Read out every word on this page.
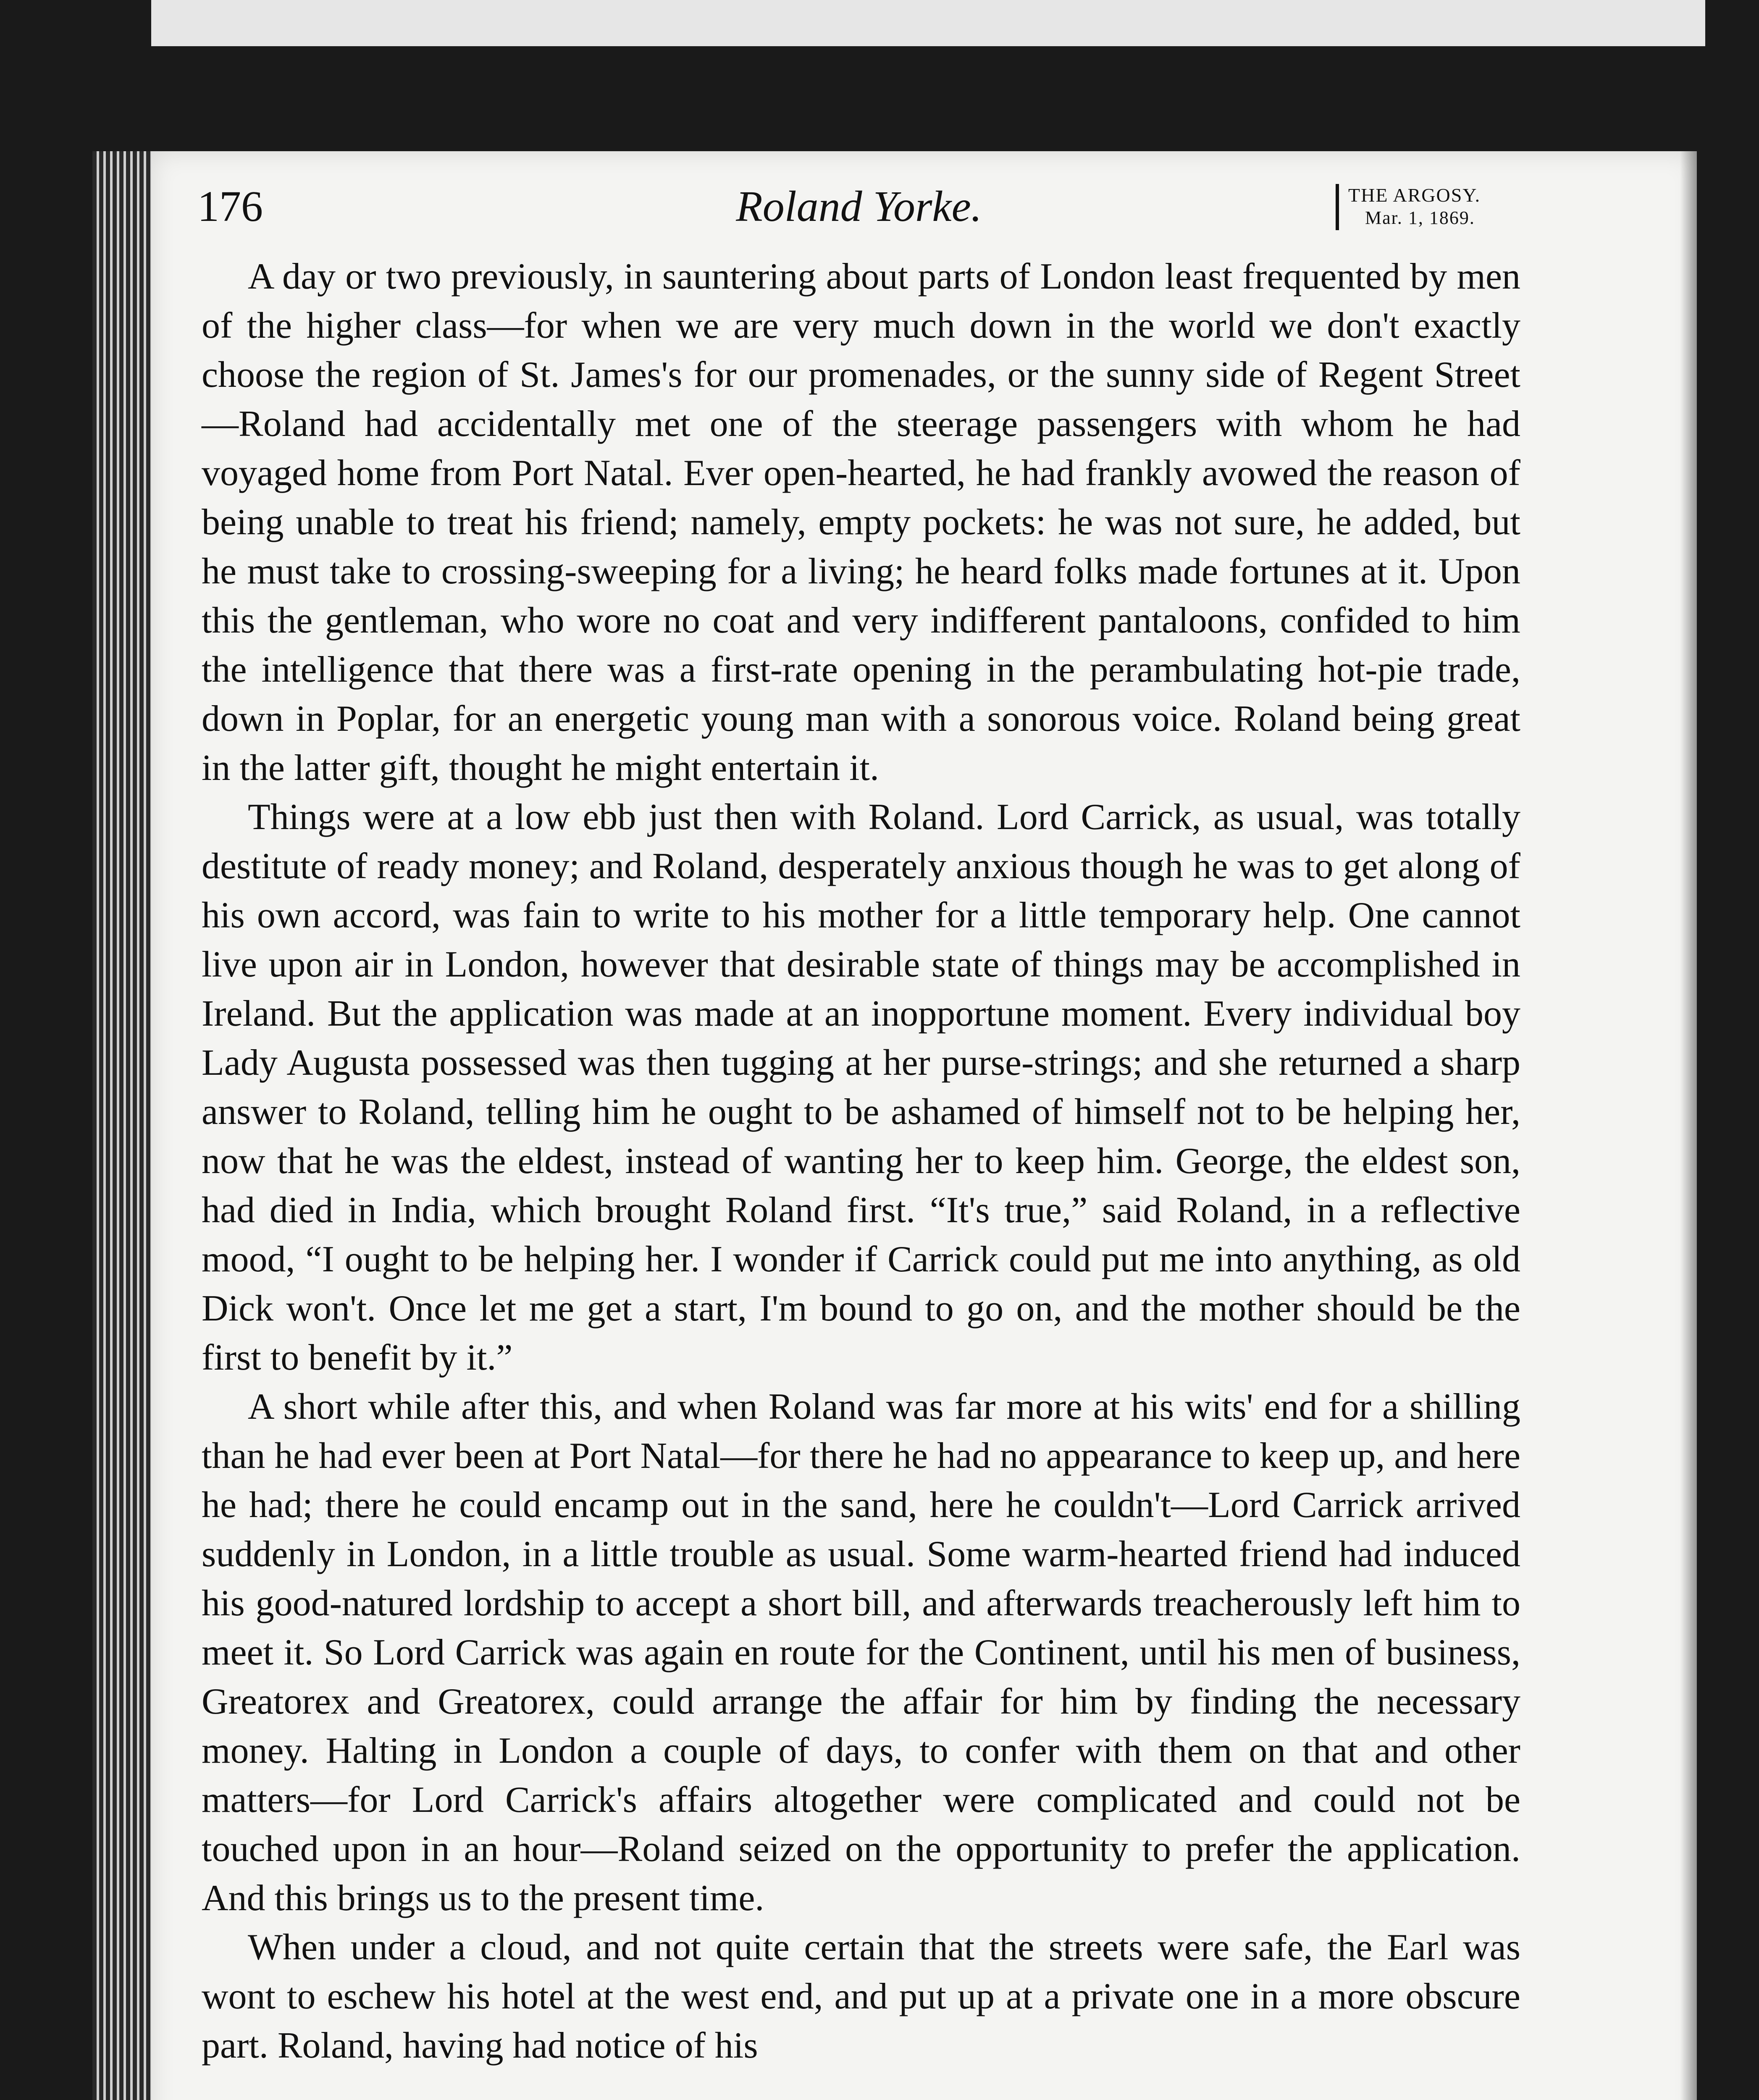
176	Roland Yorke.	THE ARGOSY.
Mar. 1, 1869.

A day or two previously, in sauntering about parts of London least frequented by men of the higher class—for when we are very much down in the world we don't exactly choose the region of St. James's for our promenades, or the sunny side of Regent Street—Roland had accidentally met one of the steerage passengers with whom he had voyaged home from Port Natal. Ever open-hearted, he had frankly avowed the reason of being unable to treat his friend; namely, empty pockets: he was not sure, he added, but he must take to crossing-sweeping for a living; he heard folks made fortunes at it. Upon this the gentleman, who wore no coat and very indifferent pantaloons, confided to him the intelligence that there was a first-rate opening in the perambulating hot-pie trade, down in Poplar, for an energetic young man with a sonorous voice. Roland being great in the latter gift, thought he might entertain it.

Things were at a low ebb just then with Roland. Lord Carrick, as usual, was totally destitute of ready money; and Roland, desperately anxious though he was to get along of his own accord, was fain to write to his mother for a little temporary help. One cannot live upon air in London, however that desirable state of things may be accomplished in Ireland. But the application was made at an inopportune moment. Every individual boy Lady Augusta possessed was then tugging at her purse-strings; and she returned a sharp answer to Roland, telling him he ought to be ashamed of himself not to be helping her, now that he was the eldest, instead of wanting her to keep him. George, the eldest son, had died in India, which brought Roland first. “It's true,” said Roland, in a reflective mood, “I ought to be helping her. I wonder if Carrick could put me into anything, as old Dick won't. Once let me get a start, I'm bound to go on, and the mother should be the first to benefit by it.”

A short while after this, and when Roland was far more at his wits' end for a shilling than he had ever been at Port Natal—for there he had no appearance to keep up, and here he had; there he could encamp out in the sand, here he couldn't—Lord Carrick arrived suddenly in London, in a little trouble as usual. Some warm-hearted friend had induced his good-natured lordship to accept a short bill, and afterwards treacherously left him to meet it. So Lord Carrick was again en route for the Continent, until his men of business, Greatorex and Greatorex, could arrange the affair for him by finding the necessary money. Halting in London a couple of days, to confer with them on that and other matters—for Lord Carrick's affairs altogether were complicated and could not be touched upon in an hour—Roland seized on the opportunity to prefer the application. And this brings us to the present time.

When under a cloud, and not quite certain that the streets were safe, the Earl was wont to eschew his hotel at the west end, and put up at a private one in a more obscure part. Roland, having had notice of his
